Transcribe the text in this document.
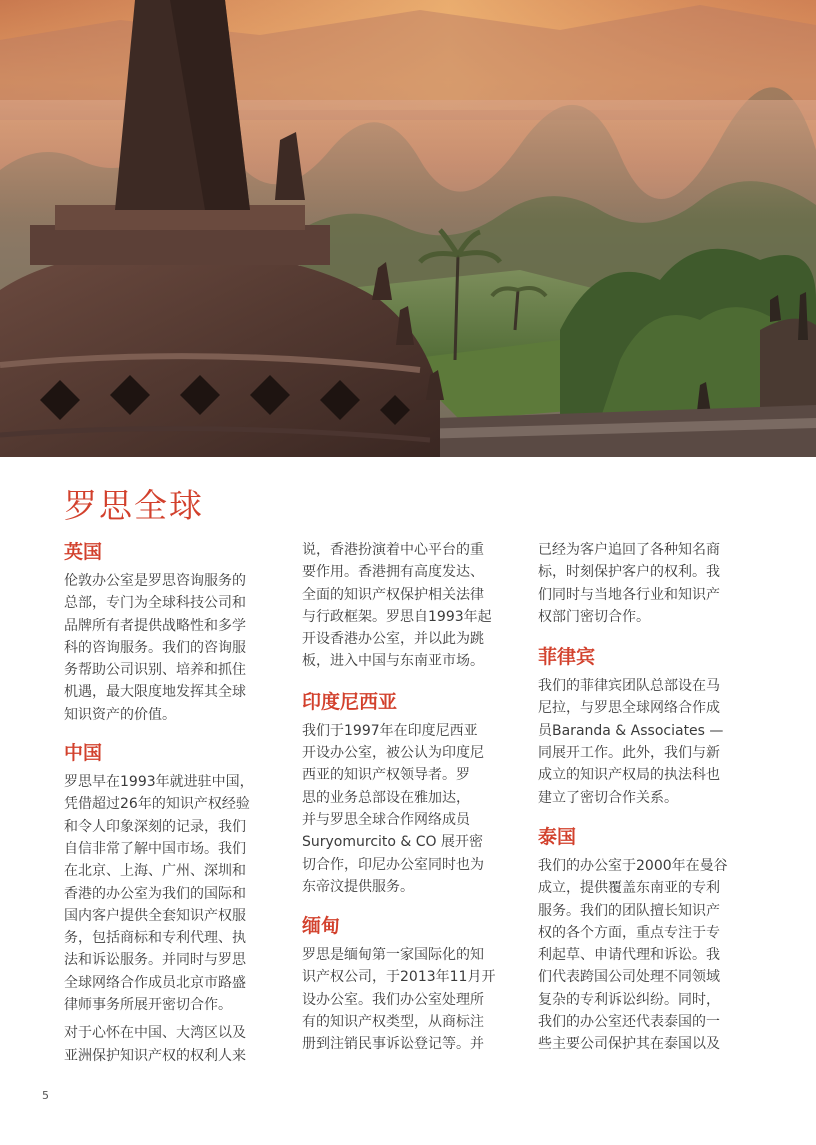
罗思全球
英国

伦敦办公室是罗思咨询服务的
总部，专门为全球科技公司和
品牌所有者提供战略性和多学
科的咨询服务。我们的咨询服
务帮助公司识别、培养和抓住
机遇，最大限度地发挥其全球
知识资产的价值。

中国

罗思早在1993年就进驻中国，
凭借超过26年的知识产权经验
和令人印象深刻的记录，我们
自信非常了解中国市场。我们
在北京、上海、广州、深圳和
香港的办公室为我们的国际和
国内客户提供全套知识产权服
务，包括商标和专利代理、执
法和诉讼服务。并同时与罗思
全球网络合作成员北京市路盛
律师事务所展开密切合作。

对于心怀在中国、大湾区以及
亚洲保护知识产权的权利人来

说，香港扮演着中心平台的重
要作用。香港拥有高度发达、
全面的知识产权保护相关法律
与行政框架。罗思自1993年起
开设香港办公室，并以此为跳
板，进入中国与东南亚市场。

印度尼西亚

我们于1997年在印度尼西亚
开设办公室，被公认为印度尼
西亚的知识产权领导者。罗
思的业务总部设在雅加达，
并与罗思全球合作网络成员
Suryomurcito & CO 展开密
切合作，印尼办公室同时也为
东帝汶提供服务。

缅甸

罗思是缅甸第一家国际化的知
识产权公司，于2013年11月开
设办公室。我们办公室处理所
有的知识产权类型，从商标注
册到注销民事诉讼登记等。并

已经为客户追回了各种知名商
标，时刻保护客户的权利。我
们同时与当地各行业和知识产
权部门密切合作。

菲律宾

我们的菲律宾团队总部设在马
尼拉，与罗思全球网络合作成
员Baranda & Associates —
同展开工作。此外，我们与新
成立的知识产权局的执法科也
建立了密切合作关系。

泰国

我们的办公室于2000年在曼谷
成立，提供覆盖东南亚的专利
服务。我们的团队擅长知识产
权的各个方面，重点专注于专
利起草、申请代理和诉讼。我
们代表跨国公司处理不同领域
复杂的专利诉讼纠纷。同时，
我们的办公室还代表泰国的一
些主要公司保护其在泰国以及

5
